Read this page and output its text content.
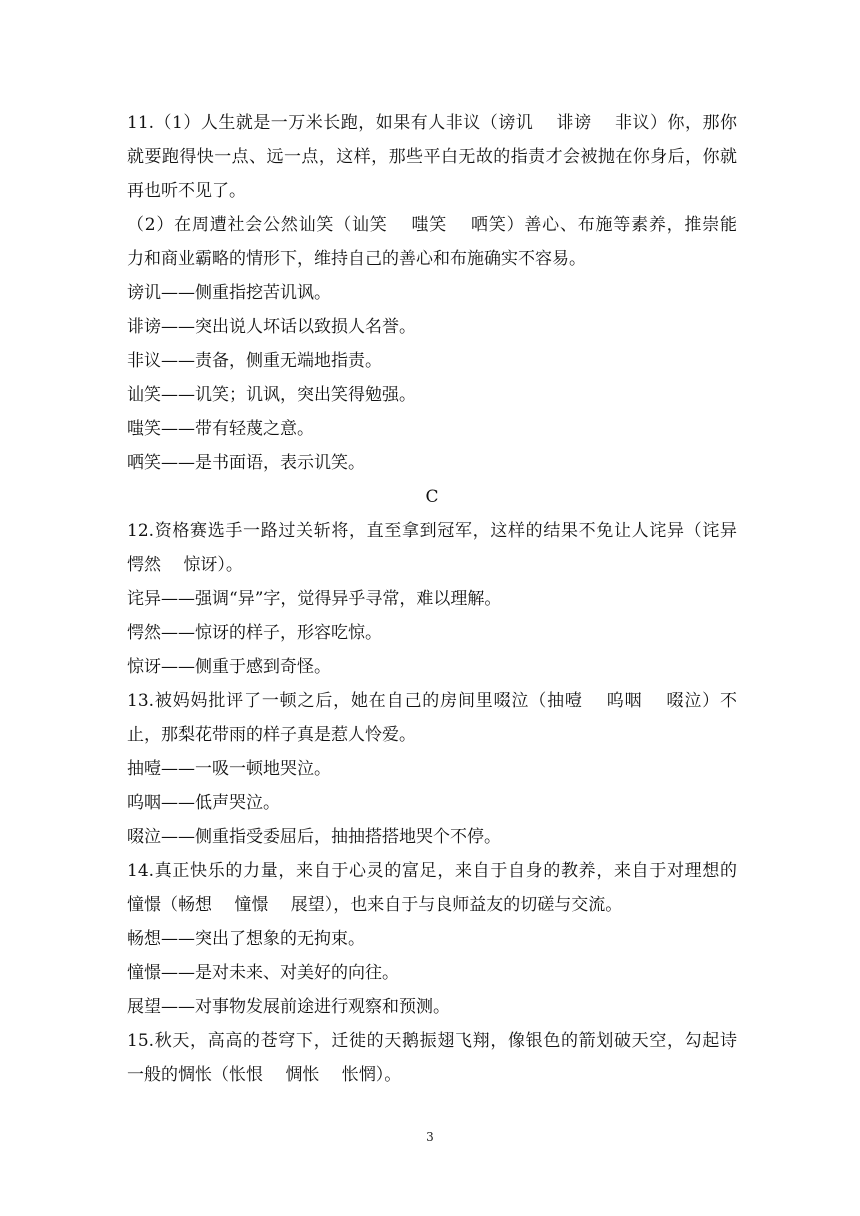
11.（1）人生就是一万米长跑，如果有人非议（谤讥　 诽谤　 非议）你，那你
就要跑得快一点、远一点，这样，那些平白无故的指责才会被抛在你身后，你就
再也听不见了。
（2）在周遭社会公然讪笑（讪笑　 嗤笑　 哂笑）善心、布施等素养，推崇能
力和商业霸略的情形下，维持自己的善心和布施确实不容易。
谤讥——侧重指挖苦讥讽。
诽谤——突出说人坏话以致损人名誉。
非议——责备，侧重无端地指责。
讪笑——讥笑；讥讽，突出笑得勉强。
嗤笑——带有轻蔑之意。
哂笑——是书面语，表示讥笑。
C
12.资格赛选手一路过关斩将，直至拿到冠军，这样的结果不免让人诧异（诧异
愕然　 惊讶）。
诧异——强调“异”字，觉得异乎寻常，难以理解。
愕然——惊讶的样子，形容吃惊。
惊讶——侧重于感到奇怪。
13.被妈妈批评了一顿之后，她在自己的房间里啜泣（抽噎　 呜咽　 啜泣）不
止，那梨花带雨的样子真是惹人怜爱。
抽噎——一吸一顿地哭泣。
呜咽——低声哭泣。
啜泣——侧重指受委屈后，抽抽搭搭地哭个不停。
14.真正快乐的力量，来自于心灵的富足，来自于自身的教养，来自于对理想的
憧憬（畅想　 憧憬　 展望），也来自于与良师益友的切磋与交流。
畅想——突出了想象的无拘束。
憧憬——是对未来、对美好的向往。
展望——对事物发展前途进行观察和预测。
15.秋天，高高的苍穹下，迁徙的天鹅振翅飞翔，像银色的箭划破天空，勾起诗
一般的惆怅（怅恨　 惆怅　 怅惘）。
3
